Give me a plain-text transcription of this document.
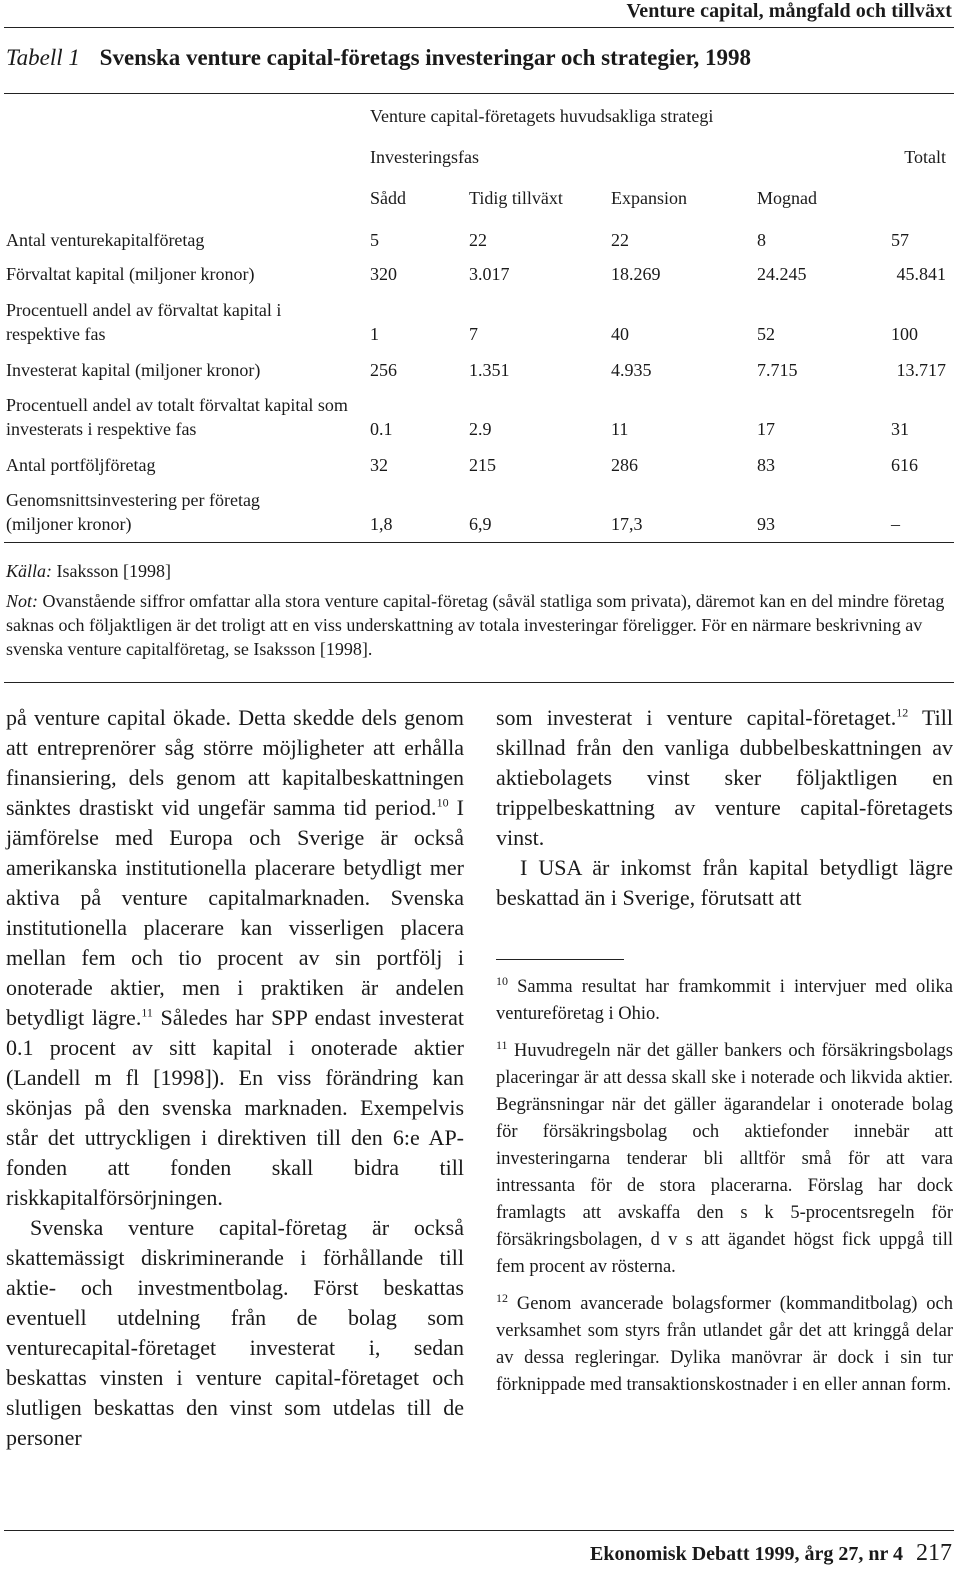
Venture capital, mångfald och tillväxt
Tabell 1 Svenska venture capital-företags investeringar och strategier, 1998
Venture capital-företagets huvudsakliga strategi
Investeringsfas	Totalt
Sådd	Tidig tillväxt	Expansion	Mognad
Antal venturekapitalföretag	5	22	22	8	57
Förvaltat kapital (miljoner kronor)	320	3.017	18.269	24.245	45.841
Procentuell andel av förvaltat kapital i respektive fas	1	7	40	52	100
Investerat kapital (miljoner kronor)	256	1.351	4.935	7.715	13.717
Procentuell andel av totalt förvaltat kapital som investerats i respektive fas	0.1	2.9	11	17	31
Antal portföljföretag	32	215	286	83	616
Genomsnittsinvestering per företag (miljoner kronor)	1,8	6,9	17,3	93	–
Källa: Isaksson [1998]
Not: Ovanstående siffror omfattar alla stora venture capital-företag (såväl statliga som privata), däremot kan en del mindre företag saknas och följaktligen är det troligt att en viss underskattning av totala investeringar föreligger. För en närmare beskrivning av svenska venture capitalföretag, se Isaksson [1998].

på venture capital ökade. Detta skedde dels genom att entreprenörer såg större möjligheter att erhålla finansiering, dels genom att kapitalbeskattningen sänktes drastiskt vid ungefär samma tid period.$^{10}$ I jämförelse med Europa och Sverige är också amerikanska institutionella placerare betydligt mer aktiva på venture capitalmarknaden. Svenska institutionella placerare kan visserligen placera mellan fem och tio procent av sin portfölj i onoterade aktier, men i praktiken är andelen betydligt lägre.$^{11}$ Således har SPP endast investerat 0.1 procent av sitt kapital i onoterade aktier (Landell m fl [1998]). En viss förändring kan skönjas på den svenska marknaden. Exempelvis står det uttryckligen i direktiven till den 6:e AP-fonden att fonden skall bidra till riskkapitalförsörjningen.

Svenska venture capital-företag är också skattemässigt diskriminerande i förhållande till aktie- och investmentbolag. Först beskattas eventuell utdelning från de bolag som venturecapital-företaget investerat i, sedan beskattas vinsten i venture capital-företaget och slutligen beskattas den vinst som utdelas till de personer

som investerat i venture capital-företaget.$^{12}$ Till skillnad från den vanliga dubbelbeskattningen av aktiebolagets vinst sker följaktligen en trippelbeskattning av venture capital-företagets vinst.

I USA är inkomst från kapital betydligt lägre beskattad än i Sverige, förutsatt att

$^{10}$ Samma resultat har framkommit i intervjuer med olika ventureföretag i Ohio.

$^{11}$ Huvudregeln när det gäller bankers och försäkringsbolags placeringar är att dessa skall ske i noterade och likvida aktier. Begränsningar när det gäller ägarandelar i onoterade bolag för försäkringsbolag och aktiefonder innebär att investeringarna tenderar bli alltför små för att vara intressanta för de stora placerarna. Förslag har dock framlagts att avskaffa den s k 5-procentsregeln för försäkringsbolagen, d v s att ägandet högst fick uppgå till fem procent av rösterna.

$^{12}$ Genom avancerade bolagsformer (kommanditbolag) och verksamhet som styrs från utlandet går det att kringgå delar av dessa regleringar. Dylika manövrar är dock i sin tur förknippade med transaktionskostnader i en eller annan form.

Ekonomisk Debatt 1999, årg 27, nr 4 217
